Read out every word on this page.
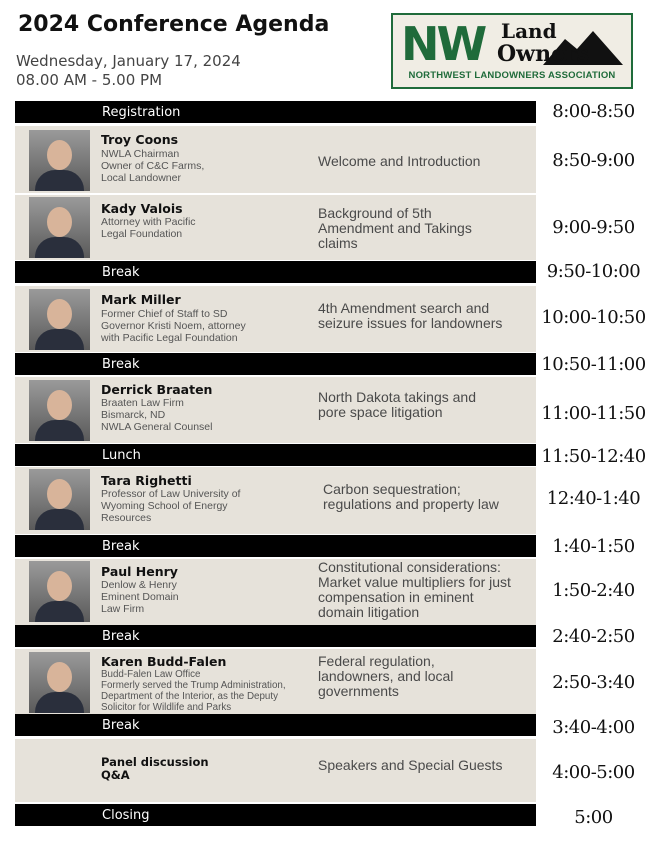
2024 Conference Agenda
Wednesday, January 17, 2024
08.00 AM - 5.00 PM
NW Land
Owners
NORTHWEST LANDOWNERS ASSOCIATION
Registration	8:00-8:50
Troy Coons
NWLA Chairman
Owner of C&C Farms,
Local Landowner
Welcome and Introduction	8:50-9:00
Kady Valois
Attorney with Pacific
Legal Foundation
Background of 5th
Amendment and Takings
claims
9:00-9:50
Break	9:50-10:00
Mark Miller
Former Chief of Staff to SD
Governor Kristi Noem, attorney
with Pacific Legal Foundation
4th Amendment search and
seizure issues for landowners	10:00-10:50
Break	10:50-11:00
Derrick Braaten
Braaten Law Firm
Bismarck, ND
NWLA General Counsel
North Dakota takings and
pore space litigation	11:00-11:50
Lunch	11:50-12:40
Tara Righetti
Professor of Law University of
Wyoming School of Energy
Resources
Carbon sequestration;
regulations and property law	12:40-1:40
Break	1:40-1:50
Paul Henry
Denlow & Henry
Eminent Domain
Law Firm
Constitutional considerations:
Market value multipliers for just
compensation in eminent
domain litigation
1:50-2:40
Break	2:40-2:50
Karen Budd-Falen
Budd-Falen Law Office
Formerly served the Trump Administration,
Department of the Interior, as the Deputy
Solicitor for Wildlife and Parks
Federal regulation,
landowners, and local
governments	2:50-3:40
Break	3:40-4:00
Panel discussion
Q&A
Speakers and Special Guests	4:00-5:00
Closing	5:00
